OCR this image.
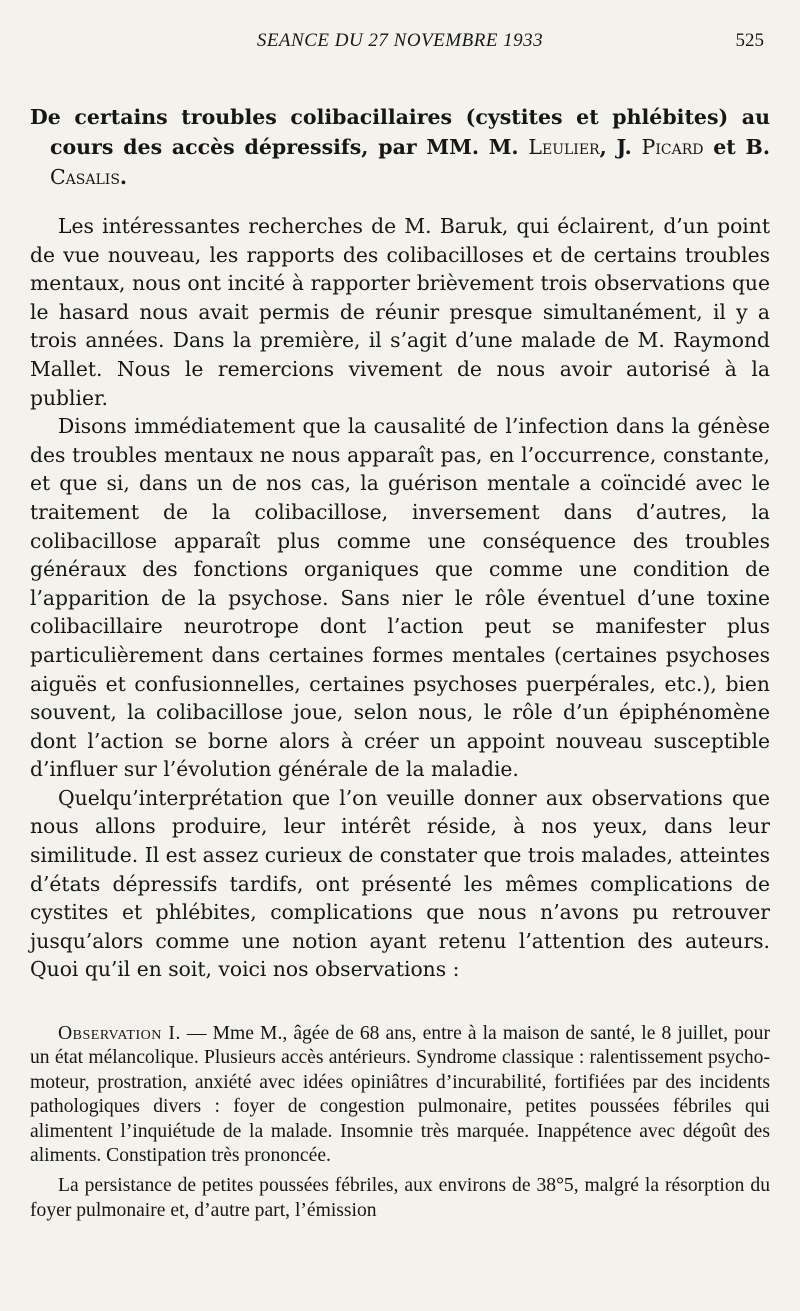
SEANCE DU 27 NOVEMBRE 1933	525
De certains troubles colibacillaires (cystites et phlébites) au cours des accès dépressifs, par MM. M. Leulier, J. Picard et B. Casalis.

Les intéressantes recherches de M. Baruk, qui éclairent, d’un point de vue nouveau, les rapports des colibacilloses et de certains troubles mentaux, nous ont incité à rapporter brièvement trois observations que le hasard nous avait permis de réunir presque simultanément, il y a trois années. Dans la première, il s’agit d’une malade de M. Raymond Mallet. Nous le remercions vivement de nous avoir autorisé à la publier.

Disons immédiatement que la causalité de l’infection dans la génèse des troubles mentaux ne nous apparaît pas, en l’occurrence, constante, et que si, dans un de nos cas, la guérison mentale a coïncidé avec le traitement de la colibacillose, inversement dans d’autres, la colibacillose apparaît plus comme une conséquence des troubles généraux des fonctions organiques que comme une condition de l’apparition de la psychose. Sans nier le rôle éventuel d’une toxine colibacillaire neurotrope dont l’action peut se manifester plus particulièrement dans certaines formes mentales (certaines psychoses aiguës et confusionnelles, certaines psychoses puerpérales, etc.), bien souvent, la colibacillose joue, selon nous, le rôle d’un épiphénomène dont l’action se borne alors à créer un appoint nouveau susceptible d’influer sur l’évolution générale de la maladie.

Quelqu’interprétation que l’on veuille donner aux observations que nous allons produire, leur intérêt réside, à nos yeux, dans leur similitude. Il est assez curieux de constater que trois malades, atteintes d’états dépressifs tardifs, ont présenté les mêmes complications de cystites et phlébites, complications que nous n’avons pu retrouver jusqu’alors comme une notion ayant retenu l’attention des auteurs. Quoi qu’il en soit, voici nos observations :

Observation I. — Mme M., âgée de 68 ans, entre à la maison de santé, le 8 juillet, pour un état mélancolique. Plusieurs accès antérieurs. Syndrome classique : ralentissement psycho-moteur, prostration, anxiété avec idées opiniâtres d’incurabilité, fortifiées par des incidents pathologiques divers : foyer de congestion pulmonaire, petites poussées fébriles qui alimentent l’inquiétude de la malade. Insomnie très marquée. Inappétence avec dégoût des aliments. Constipation très prononcée.

La persistance de petites poussées fébriles, aux environs de 38°5, malgré la résorption du foyer pulmonaire et, d’autre part, l’émission
